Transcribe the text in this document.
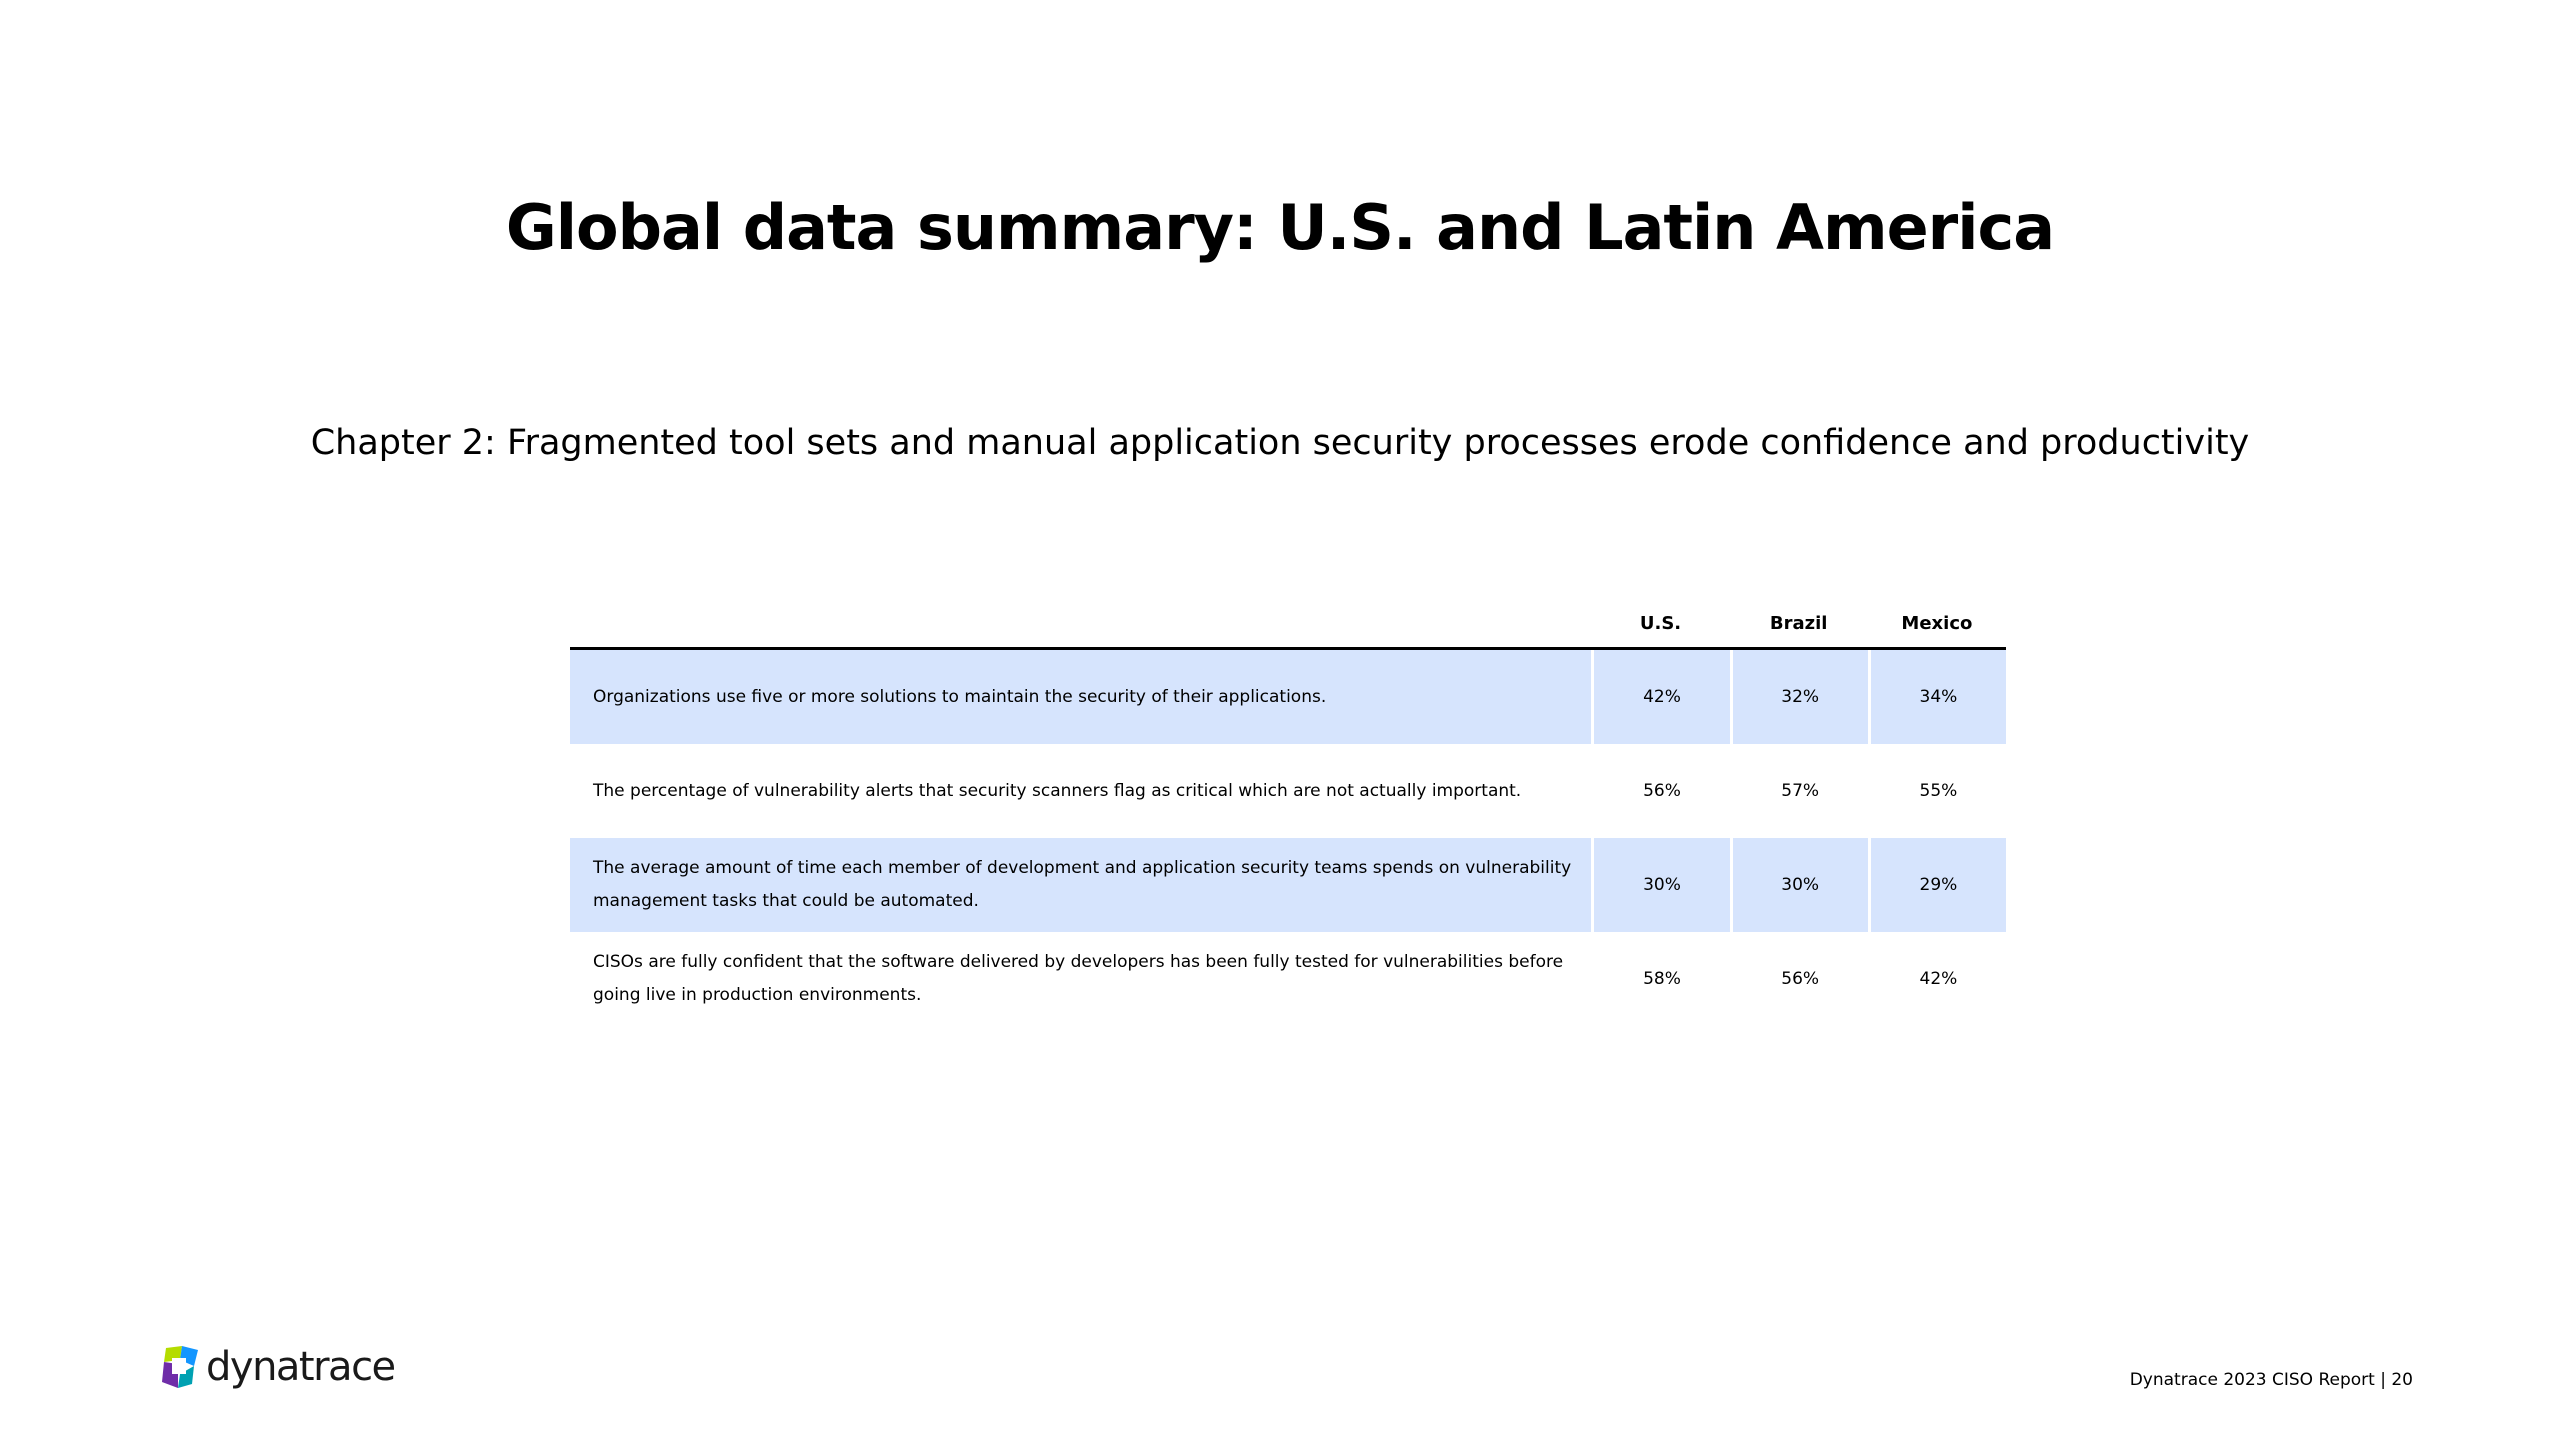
Global data summary: U.S. and Latin America
Chapter 2: Fragmented tool sets and manual application security processes erode confidence and productivity
	U.S.	Brazil	Mexico
Organizations use five or more solutions to maintain the security of their applications.	42%	32%	34%
The percentage of vulnerability alerts that security scanners flag as critical which are not actually important.	56%	57%	55%
The average amount of time each member of development and application security teams spends on vulnerability management tasks that could be automated.	30%	30%	29%
CISOs are fully confident that the software delivered by developers has been fully tested for vulnerabilities before going live in production environments.	58%	56%	42%
dynatrace	Dynatrace 2023 CISO Report | 20
